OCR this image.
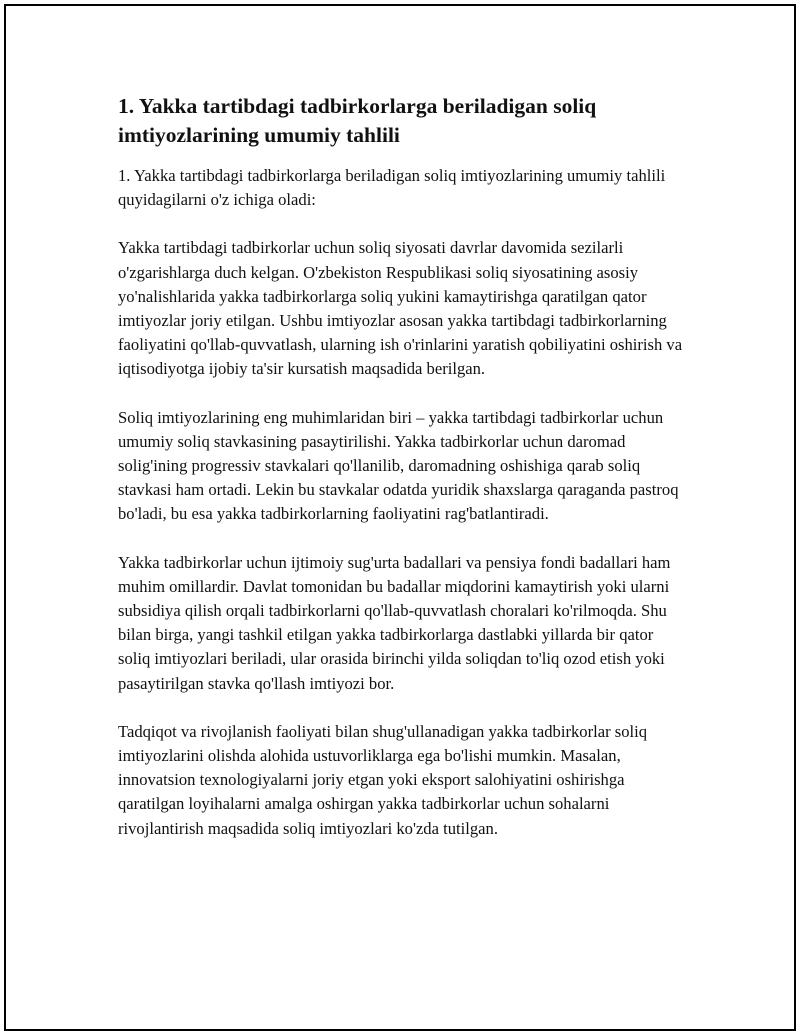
1. Yakka tartibdagi tadbirkorlarga beriladigan soliq imtiyozlarining umumiy tahlili

1. Yakka tartibdagi tadbirkorlarga beriladigan soliq imtiyozlarining umumiy tahlili quyidagilarni o'z ichiga oladi:

Yakka tartibdagi tadbirkorlar uchun soliq siyosati davrlar davomida sezilarli o'zgarishlarga duch kelgan. O'zbekiston Respublikasi soliq siyosatining asosiy yo'nalishlarida yakka tadbirkorlarga soliq yukini kamaytirishga qaratilgan qator imtiyozlar joriy etilgan. Ushbu imtiyozlar asosan yakka tartibdagi tadbirkorlarning faoliyatini qo'llab-quvvatlash, ularning ish o'rinlarini yaratish qobiliyatini oshirish va iqtisodiyotga ijobiy ta'sir kursatish maqsadida berilgan.

Soliq imtiyozlarining eng muhimlaridan biri – yakka tartibdagi tadbirkorlar uchun umumiy soliq stavkasining pasaytirilishi. Yakka tadbirkorlar uchun daromad solig'ining progressiv stavkalari qo'llanilib, daromadning oshishiga qarab soliq stavkasi ham ortadi. Lekin bu stavkalar odatda yuridik shaxslarga qaraganda pastroq bo'ladi, bu esa yakka tadbirkorlarning faoliyatini rag'batlantiradi.

Yakka tadbirkorlar uchun ijtimoiy sug'urta badallari va pensiya fondi badallari ham muhim omillardir. Davlat tomonidan bu badallar miqdorini kamaytirish yoki ularni subsidiya qilish orqali tadbirkorlarni qo'llab-quvvatlash choralari ko'rilmoqda. Shu bilan birga, yangi tashkil etilgan yakka tadbirkorlarga dastlabki yillarda bir qator soliq imtiyozlari beriladi, ular orasida birinchi yilda soliqdan to'liq ozod etish yoki pasaytirilgan stavka qo'llash imtiyozi bor.

Tadqiqot va rivojlanish faoliyati bilan shug'ullanadigan yakka tadbirkorlar soliq imtiyozlarini olishda alohida ustuvorliklarga ega bo'lishi mumkin. Masalan, innovatsion texnologiyalarni joriy etgan yoki eksport salohiyatini oshirishga qaratilgan loyihalarni amalga oshirgan yakka tadbirkorlar uchun sohalarni rivojlantirish maqsadida soliq imtiyozlari ko'zda tutilgan.
